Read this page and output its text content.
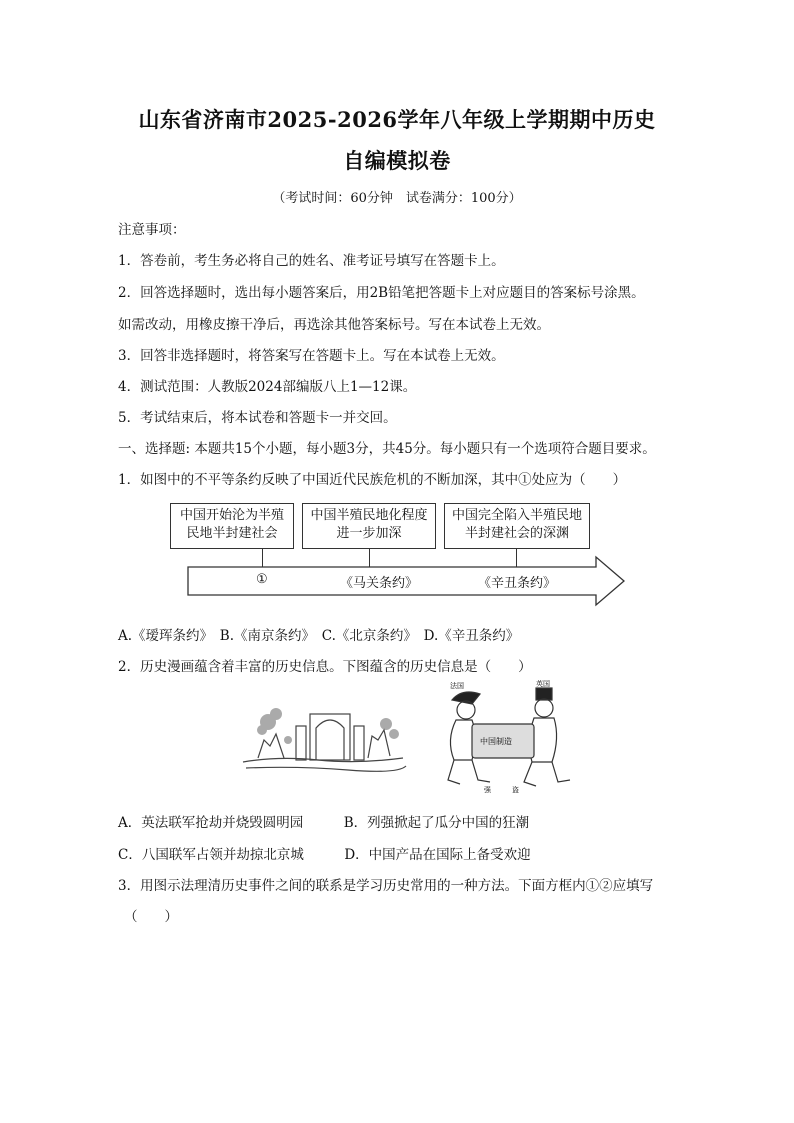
山东省济南市2025-2026学年八年级上学期期中历史
自编模拟卷
（考试时间：60分钟　试卷满分：100分）
注意事项：
1．答卷前，考生务必将自己的姓名、准考证号填写在答题卡上。
2．回答选择题时，选出每小题答案后，用2B铅笔把答题卡上对应题目的答案标号涂黑。
如需改动，用橡皮擦干净后，再选涂其他答案标号。写在本试卷上无效。
3．回答非选择题时，将答案写在答题卡上。写在本试卷上无效。
4．测试范围：人教版2024部编版八上1—12课。
5．考试结束后，将本试卷和答题卡一并交回。
一、选择题: 本题共15个小题，每小题3分，共45分。每小题只有一个选项符合题目要求。
1．如图中的不平等条约反映了中国近代民族危机的不断加深，其中①处应为（　　）
中国开始沦为半殖
民地半封建社会
中国半殖民地化程度
进一步加深
中国完全陷入半殖民地
半封建社会的深渊
①	《马关条约》	《辛丑条约》
A.《瑷珲条约》　B.《南京条约》　C.《北京条约》　D.《辛丑条约》
2．历史漫画蕴含着丰富的历史信息。下图蕴含的历史信息是（　　）
法国	英国
中国制造
强	盗
A．英法联军抢劫并烧毁圆明园　　　B．列强掀起了瓜分中国的狂潮
C．八国联军占领并劫掠北京城　　　D．中国产品在国际上备受欢迎
3．用图示法理清历史事件之间的联系是学习历史常用的一种方法。下面方框内①②应填写
（　　）
